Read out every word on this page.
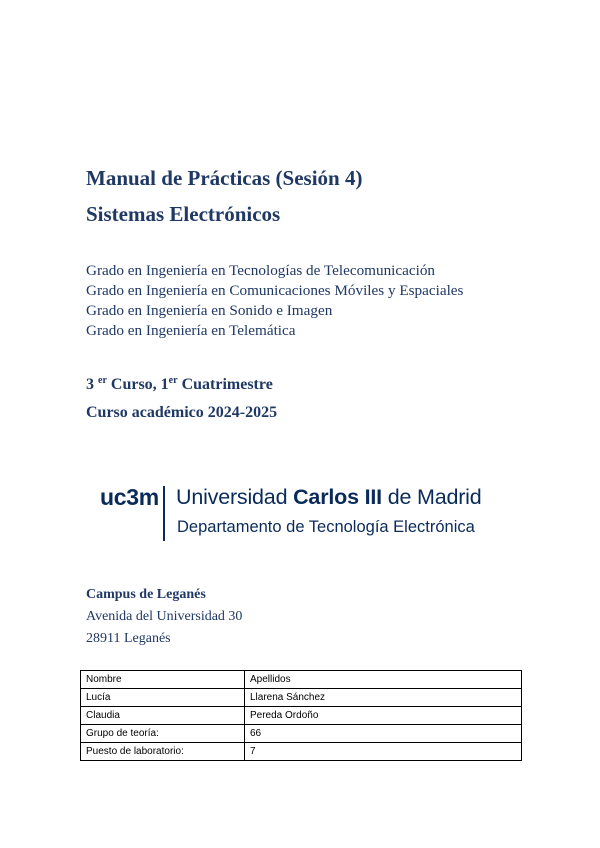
Manual de Prácticas (Sesión 4)
Sistemas Electrónicos
Grado en Ingeniería en Tecnologías de Telecomunicación
Grado en Ingeniería en Comunicaciones Móviles y Espaciales
Grado en Ingeniería en Sonido e Imagen
Grado en Ingeniería en Telemática
3 $^{er}$ Curso, 1er Cuatrimestre
Curso académico 2024-2025
uc3m Universidad Carlos III de Madrid
Departamento de Tecnología Electrónica
Campus de Leganés
Avenida del Universidad 30
28911 Leganés
Nombre	Apellidos
Lucía	Llarena Sánchez
Claudia	Pereda Ordoño
Grupo de teoría:	66
Puesto de laboratorio:	7
